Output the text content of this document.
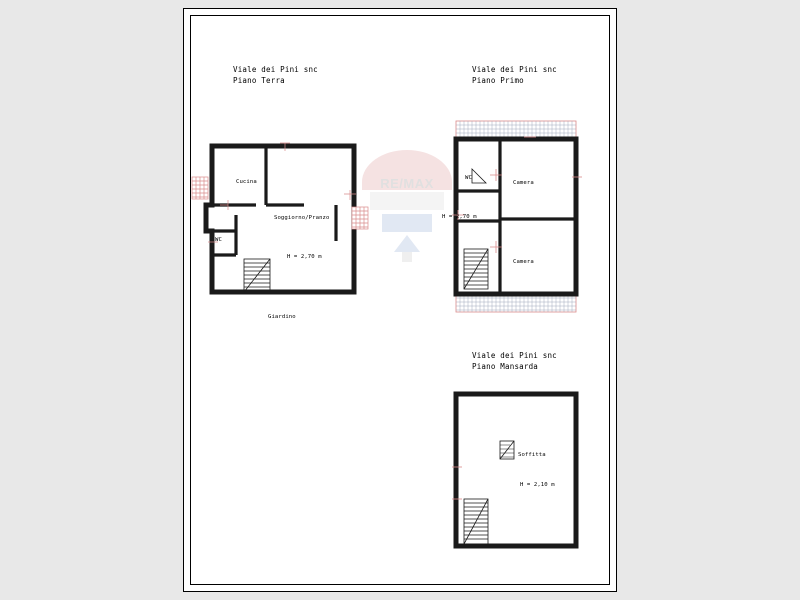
Viale dei Pini snc
Piano Terra
Cucina
Soggiorno/Pranzo
WC
H = 2,70 m
Giardino
Viale dei Pini snc
Piano Primo
WC
Camera
Camera
H = 2,70 m
Viale dei Pini snc
Piano Mansarda
Soffitta
H = 2,10 m
RE/MAX
